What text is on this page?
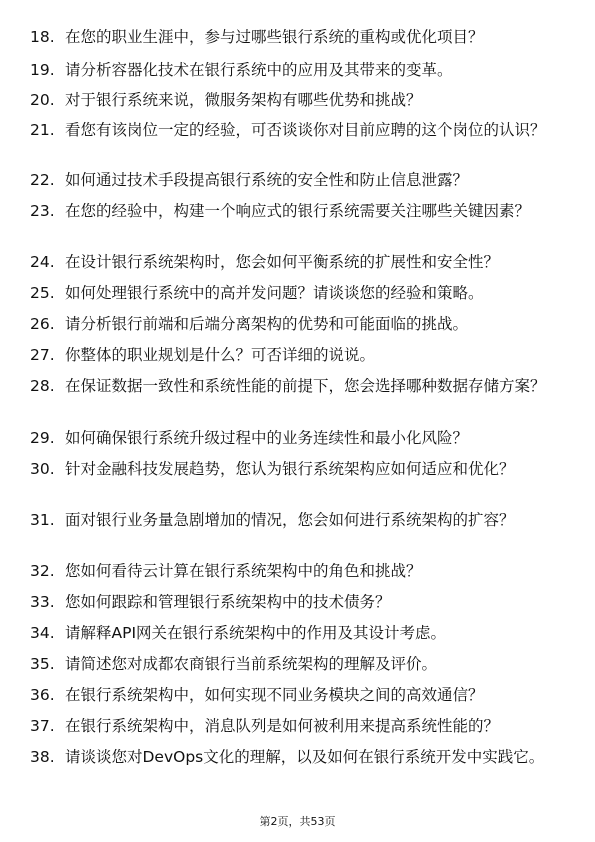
18. 在您的职业生涯中，参与过哪些银行系统的重构或优化项目？
19. 请分析容器化技术在银行系统中的应用及其带来的变革。
20. 对于银行系统来说，微服务架构有哪些优势和挑战？
21. 看您有该岗位一定的经验，可否谈谈你对目前应聘的这个岗位的认识？
22. 如何通过技术手段提高银行系统的安全性和防止信息泄露？
23. 在您的经验中，构建一个响应式的银行系统需要关注哪些关键因素？
24. 在设计银行系统架构时，您会如何平衡系统的扩展性和安全性？
25. 如何处理银行系统中的高并发问题？请谈谈您的经验和策略。
26. 请分析银行前端和后端分离架构的优势和可能面临的挑战。
27. 你整体的职业规划是什么？可否详细的说说。
28. 在保证数据一致性和系统性能的前提下，您会选择哪种数据存储方案？
29. 如何确保银行系统升级过程中的业务连续性和最小化风险？
30. 针对金融科技发展趋势，您认为银行系统架构应如何适应和优化？
31. 面对银行业务量急剧增加的情况，您会如何进行系统架构的扩容？
32. 您如何看待云计算在银行系统架构中的角色和挑战？
33. 您如何跟踪和管理银行系统架构中的技术债务？
34. 请解释API网关在银行系统架构中的作用及其设计考虑。
35. 请简述您对成都农商银行当前系统架构的理解及评价。
36. 在银行系统架构中，如何实现不同业务模块之间的高效通信？
37. 在银行系统架构中，消息队列是如何被利用来提高系统性能的？
38. 请谈谈您对DevOps文化的理解，以及如何在银行系统开发中实践它。
第2页，共53页
